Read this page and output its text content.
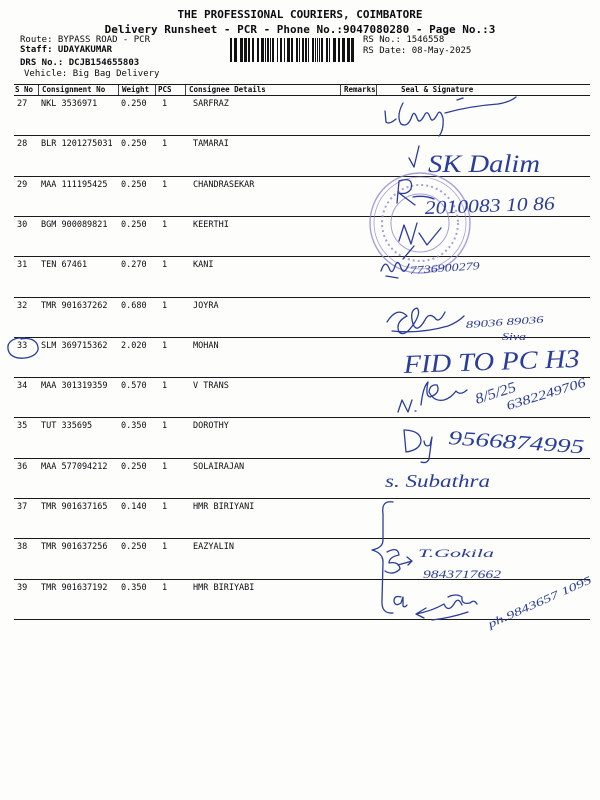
THE PROFESSIONAL COURIERS, COIMBATORE
Delivery Runsheet - PCR - Phone No.:9047080280 - Page No.:3
Route: BYPASS ROAD - PCR
Staff: UDAYAKUMAR
DRS No.: DCJB154655803
Vehicle: Big Bag Delivery
RS No.: 1546558
RS Date: 08-May-2025
S No	Consignment No	Weight	PCS	Consignee Details	Remarks	Seal & Signature
27 NKL 3536971	0.250 1	SARFRAZ
28 BLR 1201275031 0.250 1	TAMARAI
29 MAA 111195425 0.250 1	CHANDRASEKAR
30 BGM 900089821 0.250 1	KEERTHI
31 TEN 67461	0.270 1	KANI
32 TMR 901637262 0.680 1	JOYRA
33 SLM 369715362 2.020 1	MOHAN
34 MAA 301319359 0.570 1	V TRANS
35 TUT 335695	0.350 1	DOROTHY
36 MAA 577094212 0.250 1	SOLAIRAJAN
37 TMR 901637165 0.140 1	HMR BIRIYANI
38 TMR 901637256 0.250 1	EAZYALIN
39 TMR 901637192 0.350 1	HMR BIRIYABI
SK Dalim
2010083 10 86
7736900279
89036 89036
Siva
FID TO PC H3
8/5/25
6382249706
9566874995
s. Subathra
T.Gokila
9843717662
ph.9843657 1095
